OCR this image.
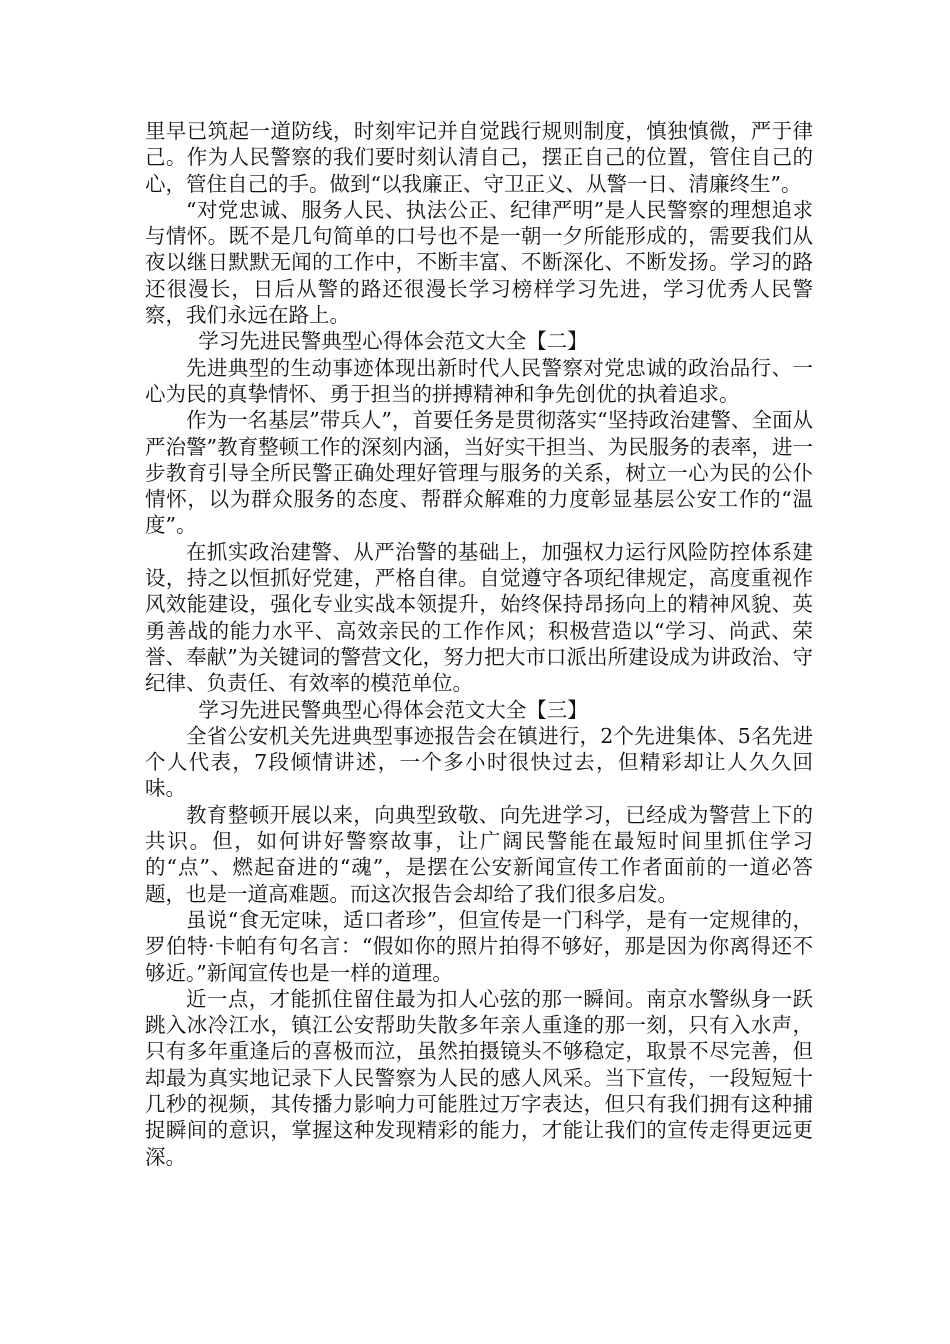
里早已筑起一道防线，时刻牢记并自觉践行规则制度，慎独慎微，严于律己。作为人民警察的我们要时刻认清自己，摆正自己的位置，管住自己的心，管住自己的手。做到“以我廉正、守卫正义、从警一日、清廉终生”。

“对党忠诚、服务人民、执法公正、纪律严明”是人民警察的理想追求与情怀。既不是几句简单的口号也不是一朝一夕所能形成的，需要我们从夜以继日默默无闻的工作中，不断丰富、不断深化、不断发扬。学习的路还很漫长，日后从警的路还很漫长学习榜样学习先进，学习优秀人民警察，我们永远在路上。

学习先进民警典型心得体会范文大全【二】

先进典型的生动事迹体现出新时代人民警察对党忠诚的政治品行、一心为民的真挚情怀、勇于担当的拼搏精神和争先创优的执着追求。

作为一名基层”带兵人”，首要任务是贯彻落实“坚持政治建警、全面从严治警”教育整顿工作的深刻内涵，当好实干担当、为民服务的表率，进一步教育引导全所民警正确处理好管理与服务的关系，树立一心为民的公仆情怀，以为群众服务的态度、帮群众解难的力度彰显基层公安工作的“温度”。

在抓实政治建警、从严治警的基础上，加强权力运行风险防控体系建设，持之以恒抓好党建，严格自律。自觉遵守各项纪律规定，高度重视作风效能建设，强化专业实战本领提升，始终保持昂扬向上的精神风貌、英勇善战的能力水平、高效亲民的工作作风；积极营造以“学习、尚武、荣誉、奉献”为关键词的警营文化，努力把大市口派出所建设成为讲政治、守纪律、负责任、有效率的模范单位。

学习先进民警典型心得体会范文大全【三】

全省公安机关先进典型事迹报告会在镇进行，2个先进集体、5名先进个人代表，7段倾情讲述，一个多小时很快过去，但精彩却让人久久回味。

教育整顿开展以来，向典型致敬、向先进学习，已经成为警营上下的共识。但，如何讲好警察故事，让广阔民警能在最短时间里抓住学习的“点”、燃起奋进的“魂”，是摆在公安新闻宣传工作者面前的一道必答题，也是一道高难题。而这次报告会却给了我们很多启发。

虽说“食无定味，适口者珍”，但宣传是一门科学，是有一定规律的，罗伯特·卡帕有句名言：“假如你的照片拍得不够好，那是因为你离得还不够近。”新闻宣传也是一样的道理。

近一点，才能抓住留住最为扣人心弦的那一瞬间。南京水警纵身一跃跳入冰冷江水，镇江公安帮助失散多年亲人重逢的那一刻，只有入水声，只有多年重逢后的喜极而泣，虽然拍摄镜头不够稳定，取景不尽完善，但却最为真实地记录下人民警察为人民的感人风采。当下宣传，一段短短十几秒的视频，其传播力影响力可能胜过万字表达，但只有我们拥有这种捕捉瞬间的意识，掌握这种发现精彩的能力，才能让我们的宣传走得更远更深。
